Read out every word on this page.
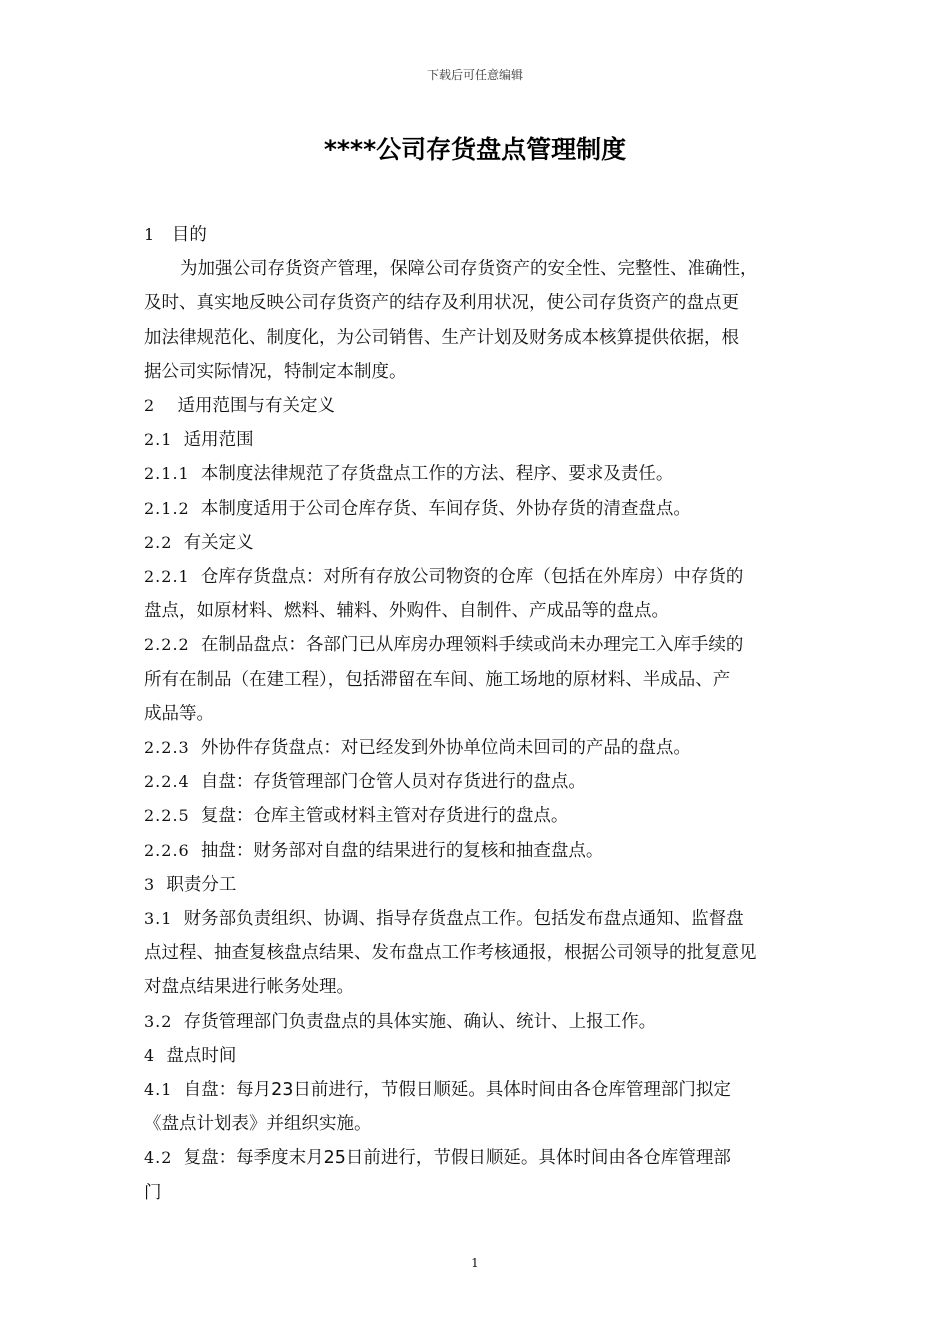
下载后可任意编辑
****公司存货盘点管理制度
1 目的
为加强公司存货资产管理，保障公司存货资产的安全性、完整性、准确性，
及时、真实地反映公司存货资产的结存及利用状况，使公司存货资产的盘点更
加法律规范化、制度化，为公司销售、生产计划及财务成本核算提供依据，根
据公司实际情况，特制定本制度。
2 适用范围与有关定义
2.1 适用范围
2.1.1 本制度法律规范了存货盘点工作的方法、程序、要求及责任。
2.1.2 本制度适用于公司仓库存货、车间存货、外协存货的清查盘点。
2.2 有关定义
2.2.1 仓库存货盘点：对所有存放公司物资的仓库（包括在外库房）中存货的
盘点，如原材料、燃料、辅料、外购件、自制件、产成品等的盘点。
2.2.2 在制品盘点：各部门已从库房办理领料手续或尚未办理完工入库手续的
所有在制品（在建工程），包括滞留在车间、施工场地的原材料、半成品、产
成品等。
2.2.3 外协件存货盘点：对已经发到外协单位尚未回司的产品的盘点。
2.2.4 自盘：存货管理部门仓管人员对存货进行的盘点。
2.2.5 复盘：仓库主管或材料主管对存货进行的盘点。
2.2.6 抽盘：财务部对自盘的结果进行的复核和抽查盘点。
3 职责分工
3.1 财务部负责组织、协调、指导存货盘点工作。包括发布盘点通知、监督盘
点过程、抽查复核盘点结果、发布盘点工作考核通报，根据公司领导的批复意见
对盘点结果进行帐务处理。
3.2 存货管理部门负责盘点的具体实施、确认、统计、上报工作。
4 盘点时间
4.1 自盘：每月23日前进行，节假日顺延。具体时间由各仓库管理部门拟定
《盘点计划表》并组织实施。
4.2 复盘：每季度末月25日前进行，节假日顺延。具体时间由各仓库管理部
门
1
